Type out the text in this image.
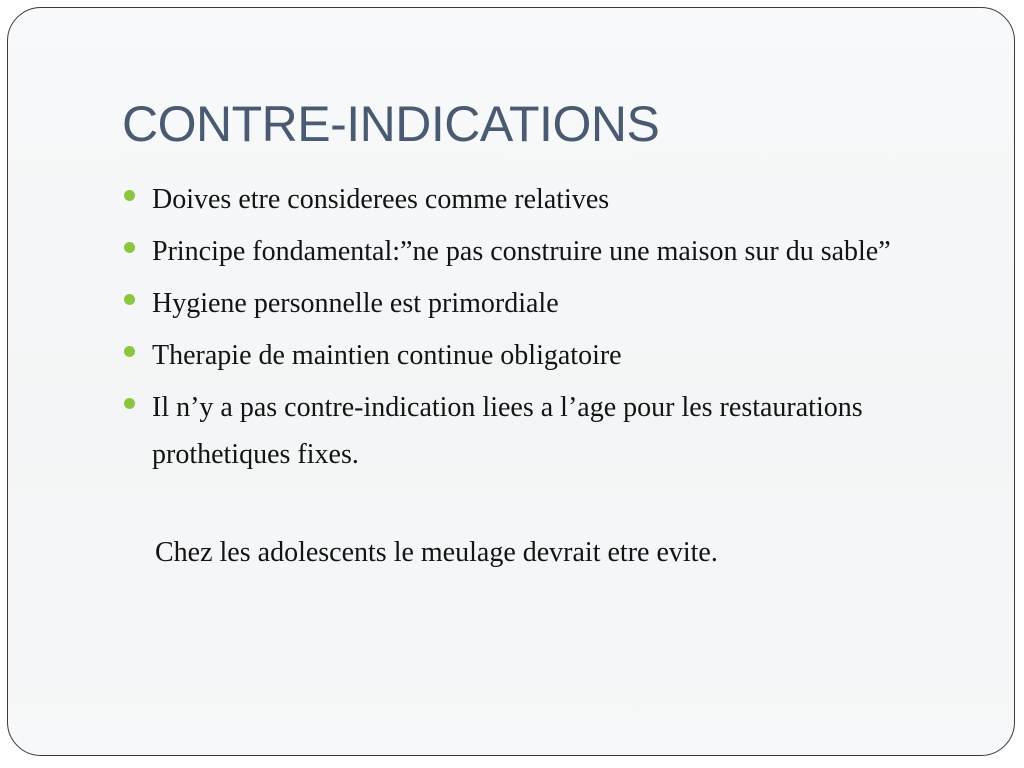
CONTRE-INDICATIONS
Doives etre considerees comme relatives
Principe fondamental:”ne pas construire une maison sur du sable”
Hygiene personnelle est primordiale
Therapie de maintien continue obligatoire
Il n’y a pas contre-indication liees a l’age pour les restaurations prothetiques fixes.

Chez les adolescents le meulage devrait etre evite.
